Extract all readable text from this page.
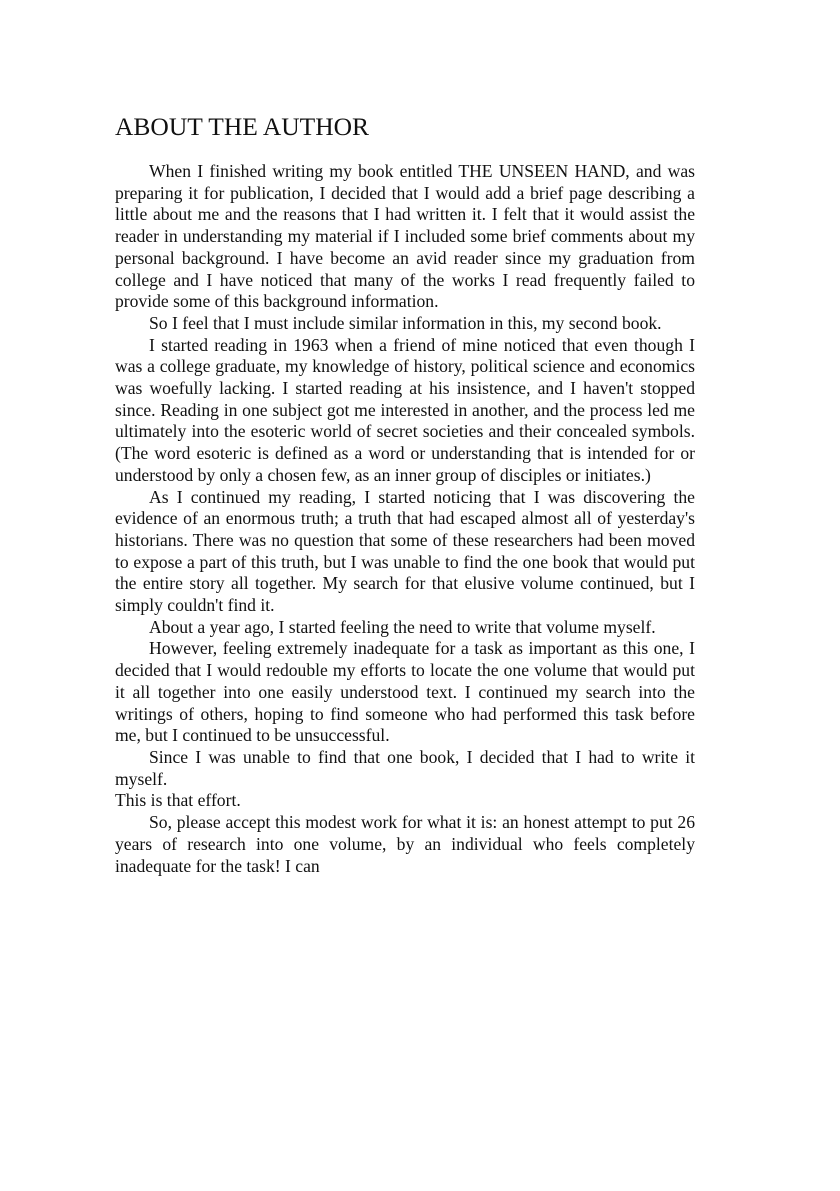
ABOUT THE AUTHOR

When I finished writing my book entitled THE UNSEEN HAND, and was preparing it for publication, I decided that I would add a brief page describing a little about me and the reasons that I had written it. I felt that it would assist the reader in understanding my material if I included some brief comments about my personal background. I have become an avid reader since my graduation from college and I have noticed that many of the works I read frequently failed to provide some of this background information.

So I feel that I must include similar information in this, my second book.

I started reading in 1963 when a friend of mine noticed that even though I was a college graduate, my knowledge of history, political science and economics was woefully lacking. I started reading at his insistence, and I haven't stopped since. Reading in one subject got me interested in another, and the process led me ultimately into the esoteric world of secret societies and their concealed symbols. (The word esoteric is defined as a word or understanding that is intended for or understood by only a chosen few, as an inner group of disciples or initiates.)

As I continued my reading, I started noticing that I was discovering the evidence of an enormous truth; a truth that had escaped almost all of yesterday's historians. There was no question that some of these researchers had been moved to expose a part of this truth, but I was unable to find the one book that would put the entire story all together. My search for that elusive volume continued, but I simply couldn't find it.

About a year ago, I started feeling the need to write that volume myself.

However, feeling extremely inadequate for a task as important as this one, I decided that I would redouble my efforts to locate the one volume that would put it all together into one easily understood text. I continued my search into the writings of others, hoping to find someone who had performed this task before me, but I continued to be unsuccessful.

Since I was unable to find that one book, I decided that I had to write it myself.

This is that effort.

So, please accept this modest work for what it is: an honest attempt to put 26 years of research into one volume, by an individual who feels completely inadequate for the task! I can
